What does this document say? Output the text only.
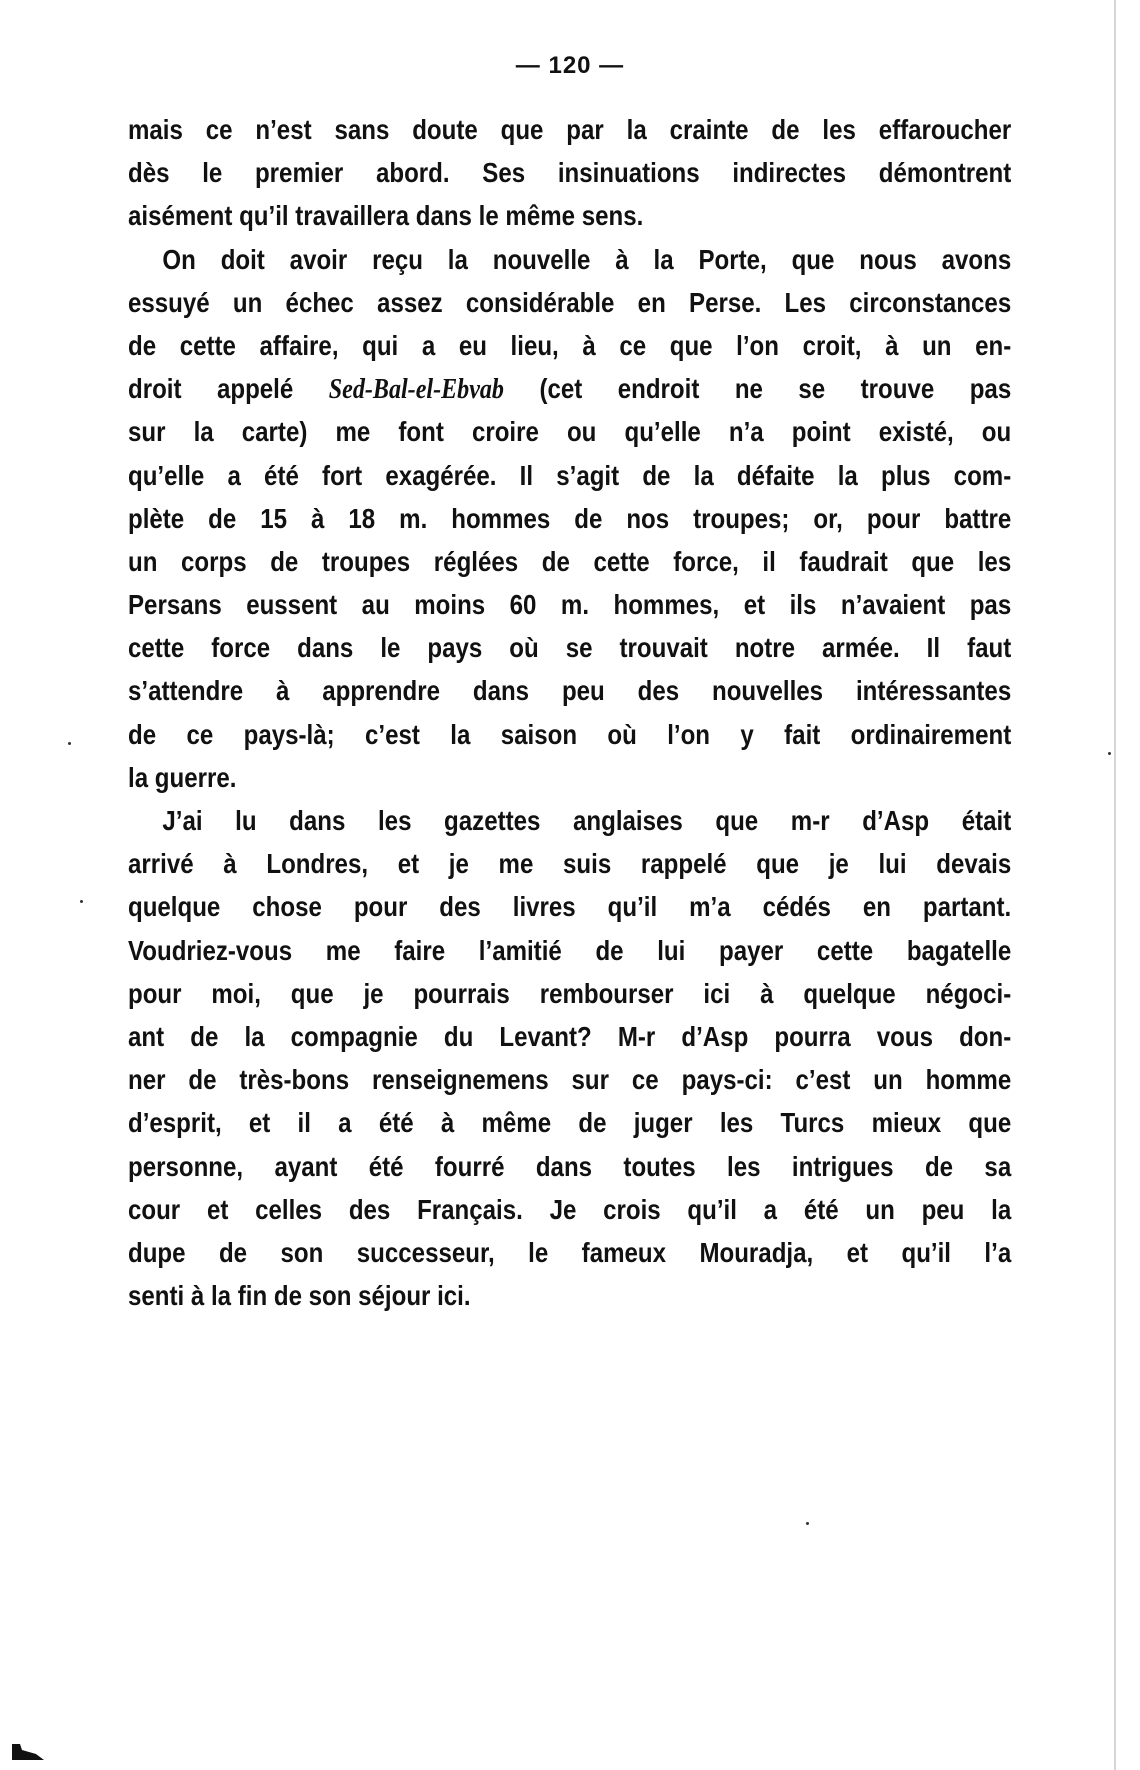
— 120 —
mais ce n’est sans doute que par la crainte de les effaroucher
dès le premier abord. Ses insinuations indirectes démontrent
aisément qu’il travaillera dans le même sens.
On doit avoir reçu la nouvelle à la Porte, que nous avons
essuyé un échec assez considérable en Perse. Les circonstances
de cette affaire, qui a eu lieu, à ce que l’on croit, à un en-
droit appelé Sed-Bal-el-Ebvab (cet endroit ne se trouve pas
sur la carte) me font croire ou qu’elle n’a point existé, ou
qu’elle a été fort exagérée. Il s’agit de la défaite la plus com-
plète de 15 à 18 m. hommes de nos troupes; or, pour battre
un corps de troupes réglées de cette force, il faudrait que les
Persans eussent au moins 60 m. hommes, et ils n’avaient pas
cette force dans le pays où se trouvait notre armée. Il faut
s’attendre à apprendre dans peu des nouvelles intéressantes
de ce pays-là; c’est la saison où l’on y fait ordinairement
la guerre.
J’ai lu dans les gazettes anglaises que m-r d’Asp était
arrivé à Londres, et je me suis rappelé que je lui devais
quelque chose pour des livres qu’il m’a cédés en partant.
Voudriez-vous me faire l’amitié de lui payer cette bagatelle
pour moi, que je pourrais rembourser ici à quelque négoci-
ant de la compagnie du Levant? M-r d’Asp pourra vous don-
ner de très-bons renseignemens sur ce pays-ci: c’est un homme
d’esprit, et il a été à même de juger les Turcs mieux que
personne, ayant été fourré dans toutes les intrigues de sa
cour et celles des Français. Je crois qu’il a été un peu la
dupe de son successeur, le fameux Mouradja, et qu’il l’a
senti à la fin de son séjour ici.
